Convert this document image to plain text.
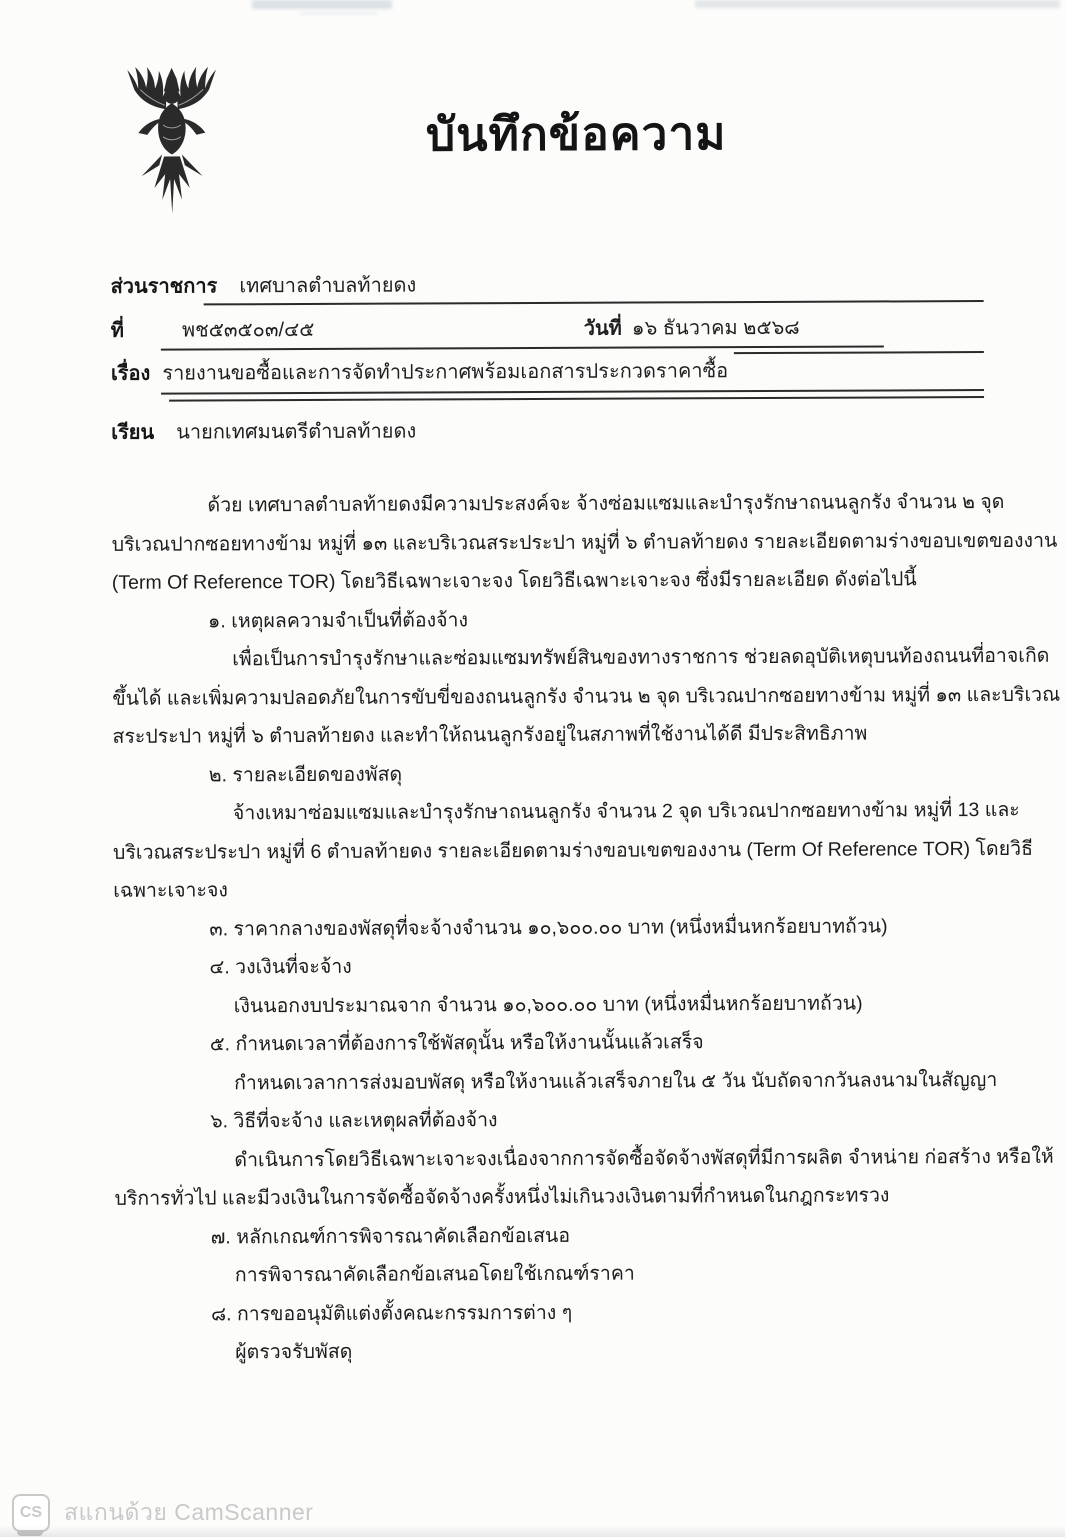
บันทึกข้อความ
ส่วนราชการ เทศบาลตำบลท้ายดง
ที่	พช๕๓๕๐๓/๔๕	วันที่ ๑๖ ธันวาคม ๒๕๖๘
เรื่อง รายงานขอซื้อและการจัดทำประกาศพร้อมเอกสารประกวดราคาซื้อ
เรียน นายกเทศมนตรีตำบลท้ายดง
ด้วย เทศบาลตำบลท้ายดงมีความประสงค์จะ จ้างซ่อมแซมและบำรุงรักษาถนนลูกรัง จำนวน ๒ จุด
บริเวณปากซอยทางข้าม หมู่ที่ ๑๓ และบริเวณสระประปา หมู่ที่ ๖ ตำบลท้ายดง รายละเอียดตามร่างขอบเขตของงาน
(Term Of Reference TOR) โดยวิธีเฉพาะเจาะจง โดยวิธีเฉพาะเจาะจง ซึ่งมีรายละเอียด ดังต่อไปนี้
๑. เหตุผลความจำเป็นที่ต้องจ้าง
เพื่อเป็นการบำรุงรักษาและซ่อมแซมทรัพย์สินของทางราชการ ช่วยลดอุบัติเหตุบนท้องถนนที่อาจเกิด
ขึ้นได้ และเพิ่มความปลอดภัยในการขับขี่ของถนนลูกรัง จำนวน ๒ จุด บริเวณปากซอยทางข้าม หมู่ที่ ๑๓ และบริเวณ
สระประปา หมู่ที่ ๖ ตำบลท้ายดง และทำให้ถนนลูกรังอยู่ในสภาพที่ใช้งานได้ดี มีประสิทธิภาพ
๒. รายละเอียดของพัสดุ
จ้างเหมาซ่อมแซมและบำรุงรักษาถนนลูกรัง จำนวน 2 จุด บริเวณปากซอยทางข้าม หมู่ที่ 13 และ
บริเวณสระประปา หมู่ที่ 6 ตำบลท้ายดง รายละเอียดตามร่างขอบเขตของงาน (Term Of Reference TOR) โดยวิธี
เฉพาะเจาะจง
๓. ราคากลางของพัสดุที่จะจ้างจำนวน ๑๐,๖๐๐.๐๐ บาท (หนึ่งหมื่นหกร้อยบาทถ้วน)
๔. วงเงินที่จะจ้าง
เงินนอกงบประมาณจาก จำนวน ๑๐,๖๐๐.๐๐ บาท (หนึ่งหมื่นหกร้อยบาทถ้วน)
๕. กำหนดเวลาที่ต้องการใช้พัสดุนั้น หรือให้งานนั้นแล้วเสร็จ
กำหนดเวลาการส่งมอบพัสดุ หรือให้งานแล้วเสร็จภายใน ๕ วัน นับถัดจากวันลงนามในสัญญา
๖. วิธีที่จะจ้าง และเหตุผลที่ต้องจ้าง
ดำเนินการโดยวิธีเฉพาะเจาะจงเนื่องจากการจัดซื้อจัดจ้างพัสดุที่มีการผลิต จำหน่าย ก่อสร้าง หรือให้
บริการทั่วไป และมีวงเงินในการจัดซื้อจัดจ้างครั้งหนึ่งไม่เกินวงเงินตามที่กำหนดในกฎกระทรวง
๗. หลักเกณฑ์การพิจารณาคัดเลือกข้อเสนอ
การพิจารณาคัดเลือกข้อเสนอโดยใช้เกณฑ์ราคา
๘. การขออนุมัติแต่งตั้งคณะกรรมการต่าง ๆ
ผู้ตรวจรับพัสดุ
CS สแกนด้วย CamScanner
